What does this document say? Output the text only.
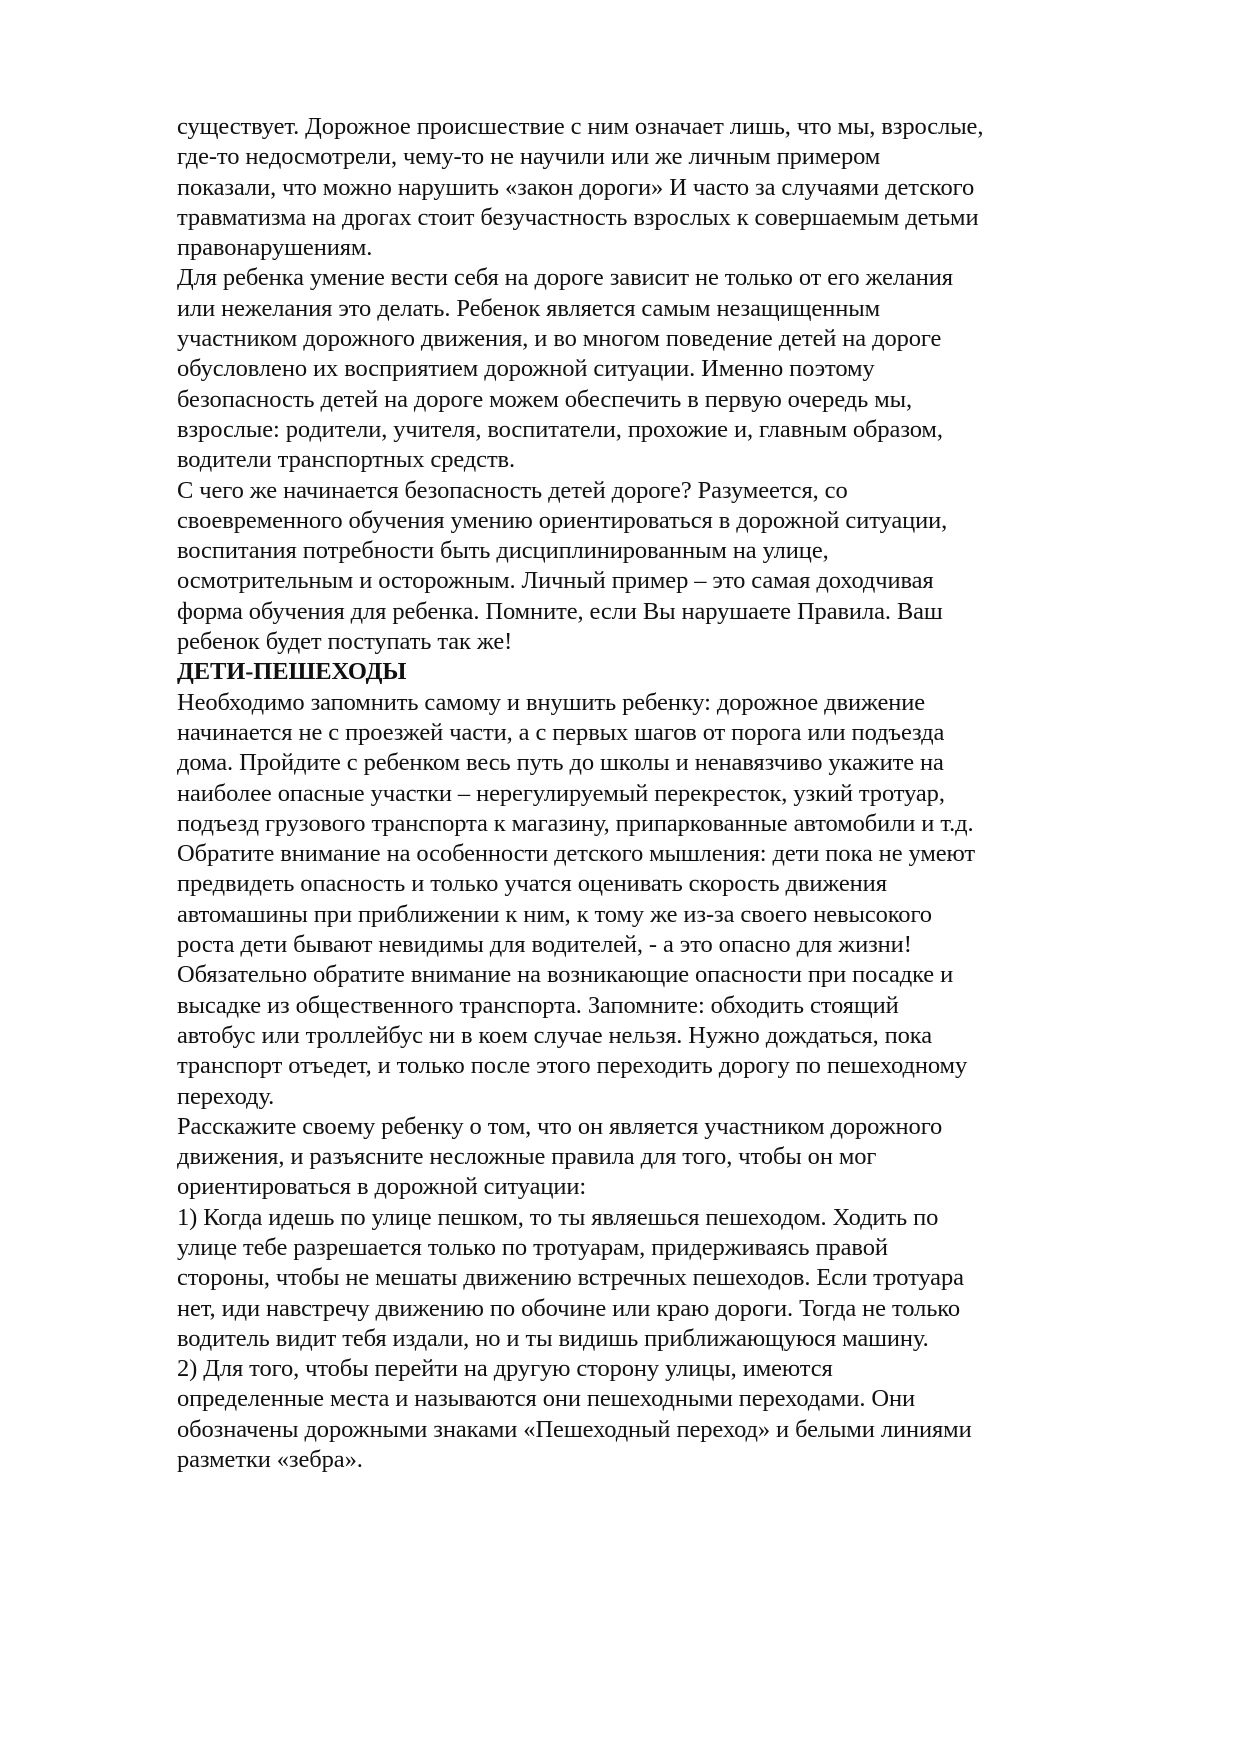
существует. Дорожное происшествие с ним означает лишь, что мы, взрослые,
где-то недосмотрели, чему-то не научили или же личным примером
показали, что можно нарушить «закон дороги» И часто за случаями детского
травматизма на дрогах стоит безучастность взрослых к совершаемым детьми
правонарушениям.
Для ребенка умение вести себя на дороге зависит не только от его желания
или нежелания это делать. Ребенок является самым незащищенным
участником дорожного движения, и во многом поведение детей на дороге
обусловлено их восприятием дорожной ситуации. Именно поэтому
безопасность детей на дороге можем обеспечить в первую очередь мы,
взрослые: родители, учителя, воспитатели, прохожие и, главным образом,
водители транспортных средств.
С чего же начинается безопасность детей дороге? Разумеется, со
своевременного обучения умению ориентироваться в дорожной ситуации,
воспитания потребности быть дисциплинированным на улице,
осмотрительным и осторожным. Личный пример – это самая доходчивая
форма обучения для ребенка. Помните, если Вы нарушаете Правила. Ваш
ребенок будет поступать так же!
ДЕТИ-ПЕШЕХОДЫ
Необходимо запомнить самому и внушить ребенку: дорожное движение
начинается не с проезжей части, а с первых шагов от порога или подъезда
дома. Пройдите с ребенком весь путь до школы и ненавязчиво укажите на
наиболее опасные участки – нерегулируемый перекресток, узкий тротуар,
подъезд грузового транспорта к магазину, припаркованные автомобили и т.д.
Обратите внимание на особенности детского мышления: дети пока не умеют
предвидеть опасность и только учатся оценивать скорость движения
автомашины при приближении к ним, к тому же из-за своего невысокого
роста дети бывают невидимы для водителей, - а это опасно для жизни!
Обязательно обратите внимание на возникающие опасности при посадке и
высадке из общественного транспорта. Запомните: обходить стоящий
автобус или троллейбус ни в коем случае нельзя. Нужно дождаться, пока
транспорт отъедет, и только после этого переходить дорогу по пешеходному
переходу.
Расскажите своему ребенку о том, что он является участником дорожного
движения, и разъясните несложные правила для того, чтобы он мог
ориентироваться в дорожной ситуации:
1) Когда идешь по улице пешком, то ты являешься пешеходом. Ходить по
улице тебе разрешается только по тротуарам, придерживаясь правой
стороны, чтобы не мешаты движению встречных пешеходов. Если тротуара
нет, иди навстречу движению по обочине или краю дороги. Тогда не только
водитель видит тебя издали, но и ты видишь приближающуюся машину.
2) Для того, чтобы перейти на другую сторону улицы, имеются
определенные места и называются они пешеходными переходами. Они
обозначены дорожными знаками «Пешеходный переход» и белыми линиями
разметки «зебра».
